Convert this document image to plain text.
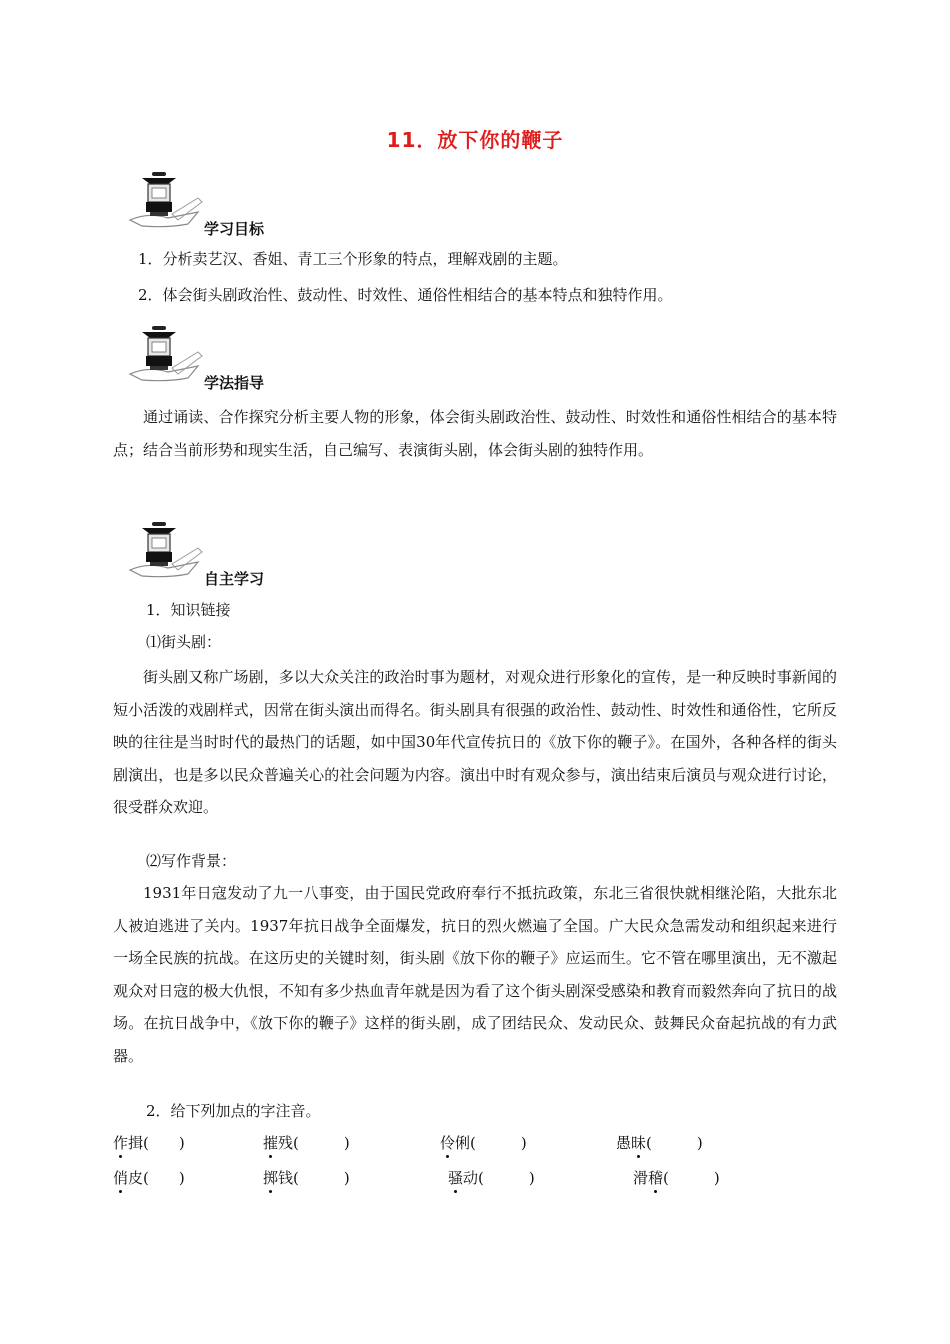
11．放下你的鞭子
学习目标
1．分析卖艺汉、香姐、青工三个形象的特点，理解戏剧的主题。
2．体会街头剧政治性、鼓动性、时效性、通俗性相结合的基本特点和独特作用。
学法指导
通过诵读、合作探究分析主要人物的形象，体会街头剧政治性、鼓动性、时效性和通俗性相结合的基本特点；结合当前形势和现实生活，自己编写、表演街头剧，体会街头剧的独特作用。
自主学习
1．知识链接
⑴街头剧：
街头剧又称广场剧，多以大众关注的政治时事为题材，对观众进行形象化的宣传，是一种反映时事新闻的短小活泼的戏剧样式，因常在街头演出而得名。街头剧具有很强的政治性、鼓动性、时效性和通俗性，它所反映的往往是当时时代的最热门的话题，如中国30年代宣传抗日的《放下你的鞭子》。在国外，各种各样的街头剧演出，也是多以民众普遍关心的社会问题为内容。演出中时有观众参与，演出结束后演员与观众进行讨论，很受群众欢迎。
⑵写作背景：
1931年日寇发动了九一八事变，由于国民党政府奉行不抵抗政策，东北三省很快就相继沦陷，大批东北人被迫逃进了关内。1937年抗日战争全面爆发，抗日的烈火燃遍了全国。广大民众急需发动和组织起来进行一场全民族的抗战。在这历史的关键时刻，街头剧《放下你的鞭子》应运而生。它不管在哪里演出，无不激起观众对日寇的极大仇恨，不知有多少热血青年就是因为看了这个街头剧深受感染和教育而毅然奔向了抗日的战场。在抗日战争中，《放下你的鞭子》这样的街头剧，成了团结民众、发动民众、鼓舞民众奋起抗战的有力武器。
2．给下列加点的字注音。
作揖(　　)	摧残(　　　)	伶俐(　　　)	愚昧(　　　)
俏皮(　　)	掷钱(　　　)	骚动(　　　)	滑稽(　　　)
